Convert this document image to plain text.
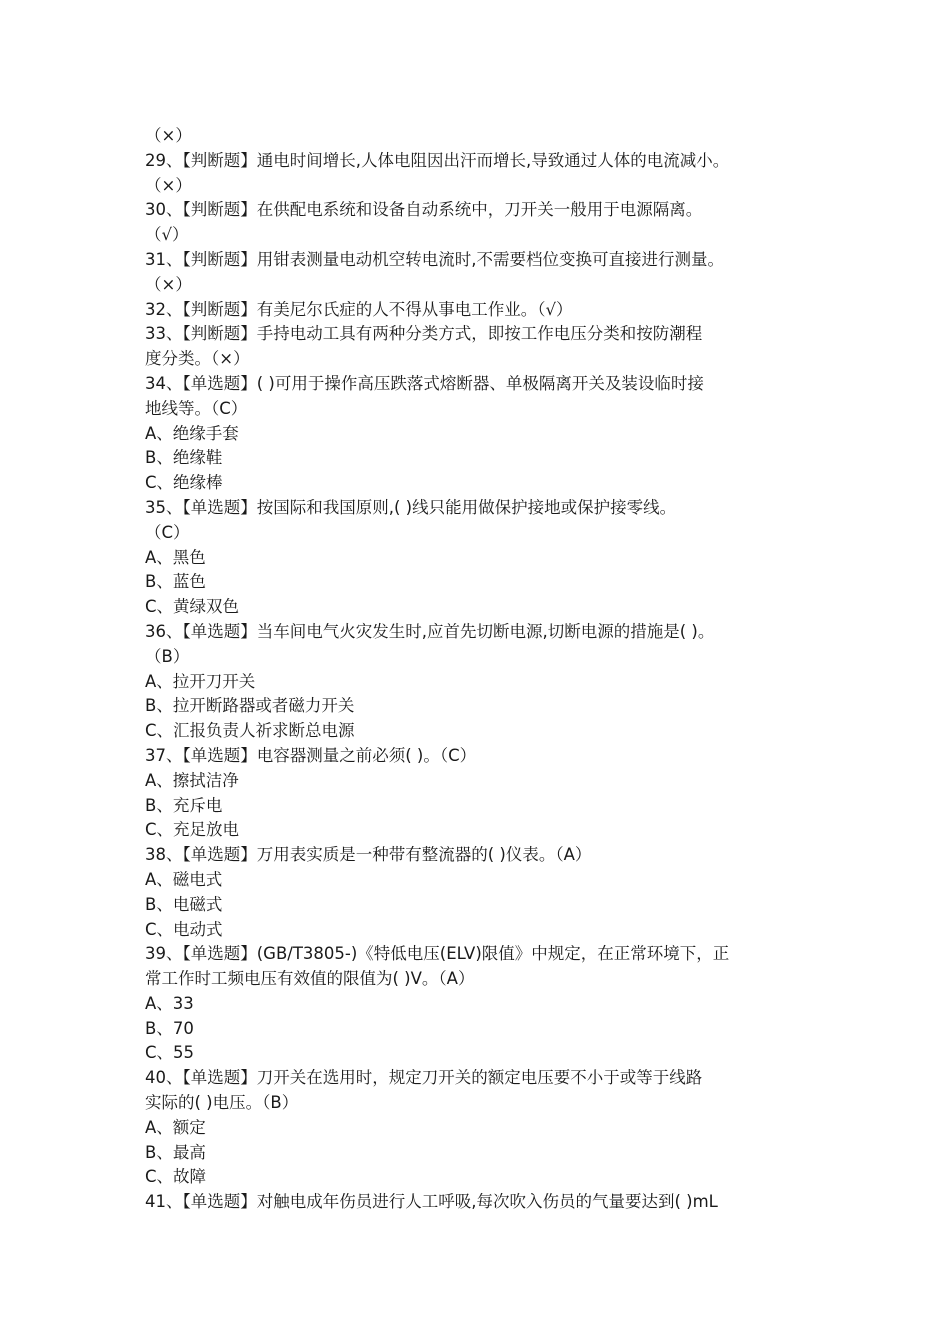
（×）
29、【判断题】通电时间增长,人体电阻因出汗而增长,导致通过人体的电流减小。
（×）
30、【判断题】在供配电系统和设备自动系统中，刀开关一般用于电源隔离。
（√）
31、【判断题】用钳表测量电动机空转电流时,不需要档位变换可直接进行测量。
（×）
32、【判断题】有美尼尔氏症的人不得从事电工作业。（√）
33、【判断题】手持电动工具有两种分类方式，即按工作电压分类和按防潮程
度分类。（×）
34、【单选题】( )可用于操作高压跌落式熔断器、单极隔离开关及装设临时接
地线等。（C）
A、绝缘手套
B、绝缘鞋
C、绝缘棒
35、【单选题】按国际和我国原则,( )线只能用做保护接地或保护接零线。
（C）
A、黑色
B、蓝色
C、黄绿双色
36、【单选题】当车间电气火灾发生时,应首先切断电源,切断电源的措施是( )。
（B）
A、拉开刀开关
B、拉开断路器或者磁力开关
C、汇报负责人祈求断总电源
37、【单选题】电容器测量之前必须( )。（C）
A、擦拭洁净
B、充斥电
C、充足放电
38、【单选题】万用表实质是一种带有整流器的( )仪表。（A）
A、磁电式
B、电磁式
C、电动式
39、【单选题】(GB/T3805-)《特低电压(ELV)限值》中规定，在正常环境下，正
常工作时工频电压有效值的限值为( )V。（A）
A、33
B、70
C、55
40、【单选题】刀开关在选用时，规定刀开关的额定电压要不小于或等于线路
实际的( )电压。（B）
A、额定
B、最高
C、故障
41、【单选题】对触电成年伤员进行人工呼吸,每次吹入伤员的气量要达到( )mL
